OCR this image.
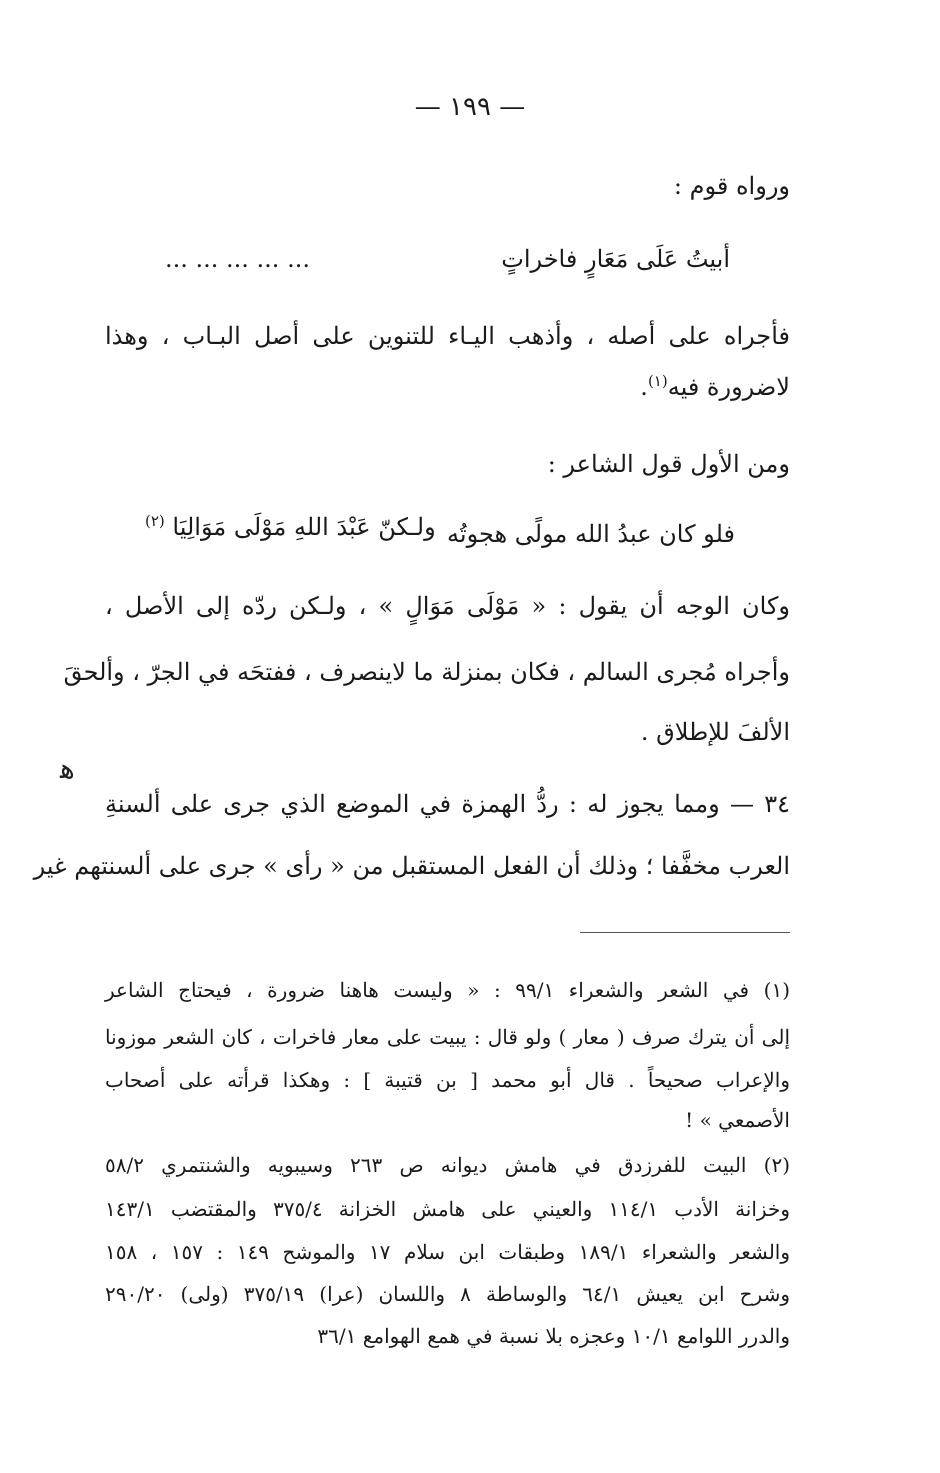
— ١٩٩ —
ورواه قوم :
أبيتُ عَلَى مَعَارٍ فاخراتٍ
... ... ... ... ...
فأجراه على أصله ، وأذهب اليـاء للتنوين على أصل البـاب ، وهذا
لاضرورة فيه$^{(١)}$.
ومن الأول قول الشاعر :
فلو كان عبدُ الله مولًى هجوتُه
ولـكنّ عَبْدَ اللهِ مَوْلَى مَوَالِيَا $^{(٢)}$
وكان الوجه أن يقول : « مَوْلَى مَوَالٍ » ، ولـكن ردّه إلى الأصل ،
وأجراه مُجرى السالم ، فكان بمنزلة ما لاينصرف ، ففتحَه في الجرّ ، وألحقَ
الألفَ للإطلاق .
٣٤ — ومما يجوز له : ردُّ الهمزة في الموضع الذي جرى على ألسنةِ
العرب مخفَّفا ؛ وذلك أن الفعل المستقبل من « رأى » جرى على ألسنتهم غير
ﻫ
(١) في الشعر والشعراء ٩٩/١ : « وليست هاهنا ضرورة ، فيحتاج الشاعر
إلى أن يترك صرف ( معار ) ولو قال : يبيت على معار فاخرات ، كان الشعر موزونا
والإعراب صحيحاً . قال أبو محمد [ بن قتيبة ] : وهكذا قرأته على أصحاب
الأصمعي » !
(٢) البيت للفرزدق في هامش ديوانه ص ٢٦٣ وسيبويه والشنتمري ٥٨/٢
وخزانة الأدب ١١٤/١ والعيني على هامش الخزانة ٣٧٥/٤ والمقتضب ١٤٣/١
والشعر والشعراء ١٨٩/١ وطبقات ابن سلام ١٧ والموشح ١٤٩ : ١٥٧ ، ١٥٨
وشرح ابن يعيش ٦٤/١ والوساطة ٨ واللسان (عرا) ٣٧٥/١٩ (ولى) ٢٩٠/٢٠
والدرر اللوامع ١٠/١ وعجزه بلا نسبة في همع الهوامع ٣٦/١
